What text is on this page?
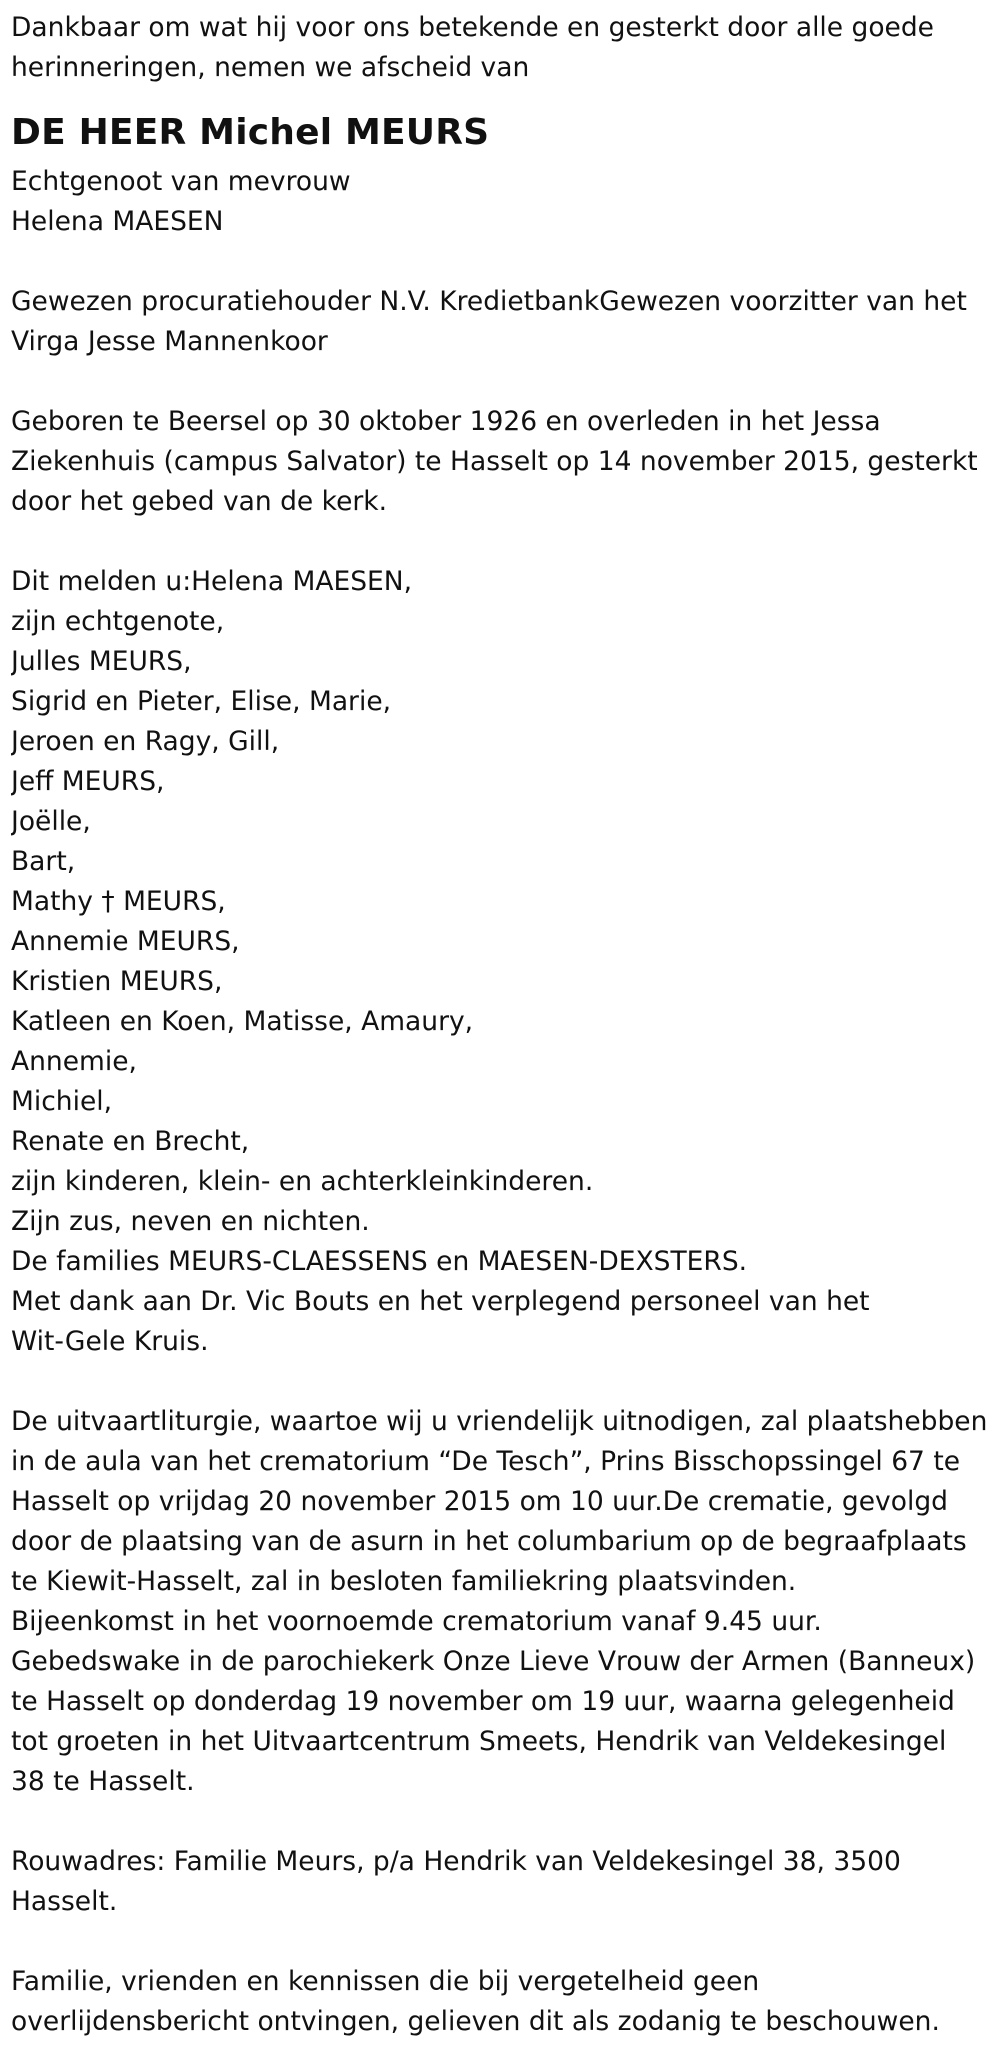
Dankbaar om wat hij voor ons betekende en gesterkt door alle goede
herinneringen, nemen we afscheid van
DE HEER Michel MEURS
Echtgenoot van mevrouw
Helena MAESEN
Gewezen procuratiehouder N.V. KredietbankGewezen voorzitter van het
Virga Jesse Mannenkoor
Geboren te Beersel op 30 oktober 1926 en overleden in het Jessa
Ziekenhuis (campus Salvator) te Hasselt op 14 november 2015, gesterkt
door het gebed van de kerk.
Dit melden u:Helena MAESEN,
zijn echtgenote,
Julles MEURS,
Sigrid en Pieter, Elise, Marie,
Jeroen en Ragy, Gill,
Jeff MEURS,
Joëlle,
Bart,
Mathy † MEURS,
Annemie MEURS,
Kristien MEURS,
Katleen en Koen, Matisse, Amaury,
Annemie,
Michiel,
Renate en Brecht,
zijn kinderen, klein- en achterkleinkinderen.
Zijn zus, neven en nichten.
De families MEURS-CLAESSENS en MAESEN-DEXSTERS.
Met dank aan Dr. Vic Bouts en het verplegend personeel van het
Wit-Gele Kruis.
De uitvaartliturgie, waartoe wij u vriendelijk uitnodigen, zal plaatshebben
in de aula van het crematorium “De Tesch”, Prins Bisschopssingel 67 te
Hasselt op vrijdag 20 november 2015 om 10 uur.De crematie, gevolgd
door de plaatsing van de asurn in het columbarium op de begraafplaats
te Kiewit-Hasselt, zal in besloten familiekring plaatsvinden.
Bijeenkomst in het voornoemde crematorium vanaf 9.45 uur.
Gebedswake in de parochiekerk Onze Lieve Vrouw der Armen (Banneux)
te Hasselt op donderdag 19 november om 19 uur, waarna gelegenheid
tot groeten in het Uitvaartcentrum Smeets, Hendrik van Veldekesingel
38 te Hasselt.
Rouwadres: Familie Meurs, p/a Hendrik van Veldekesingel 38, 3500
Hasselt.
Familie, vrienden en kennissen die bij vergetelheid geen
overlijdensbericht ontvingen, gelieven dit als zodanig te beschouwen.
